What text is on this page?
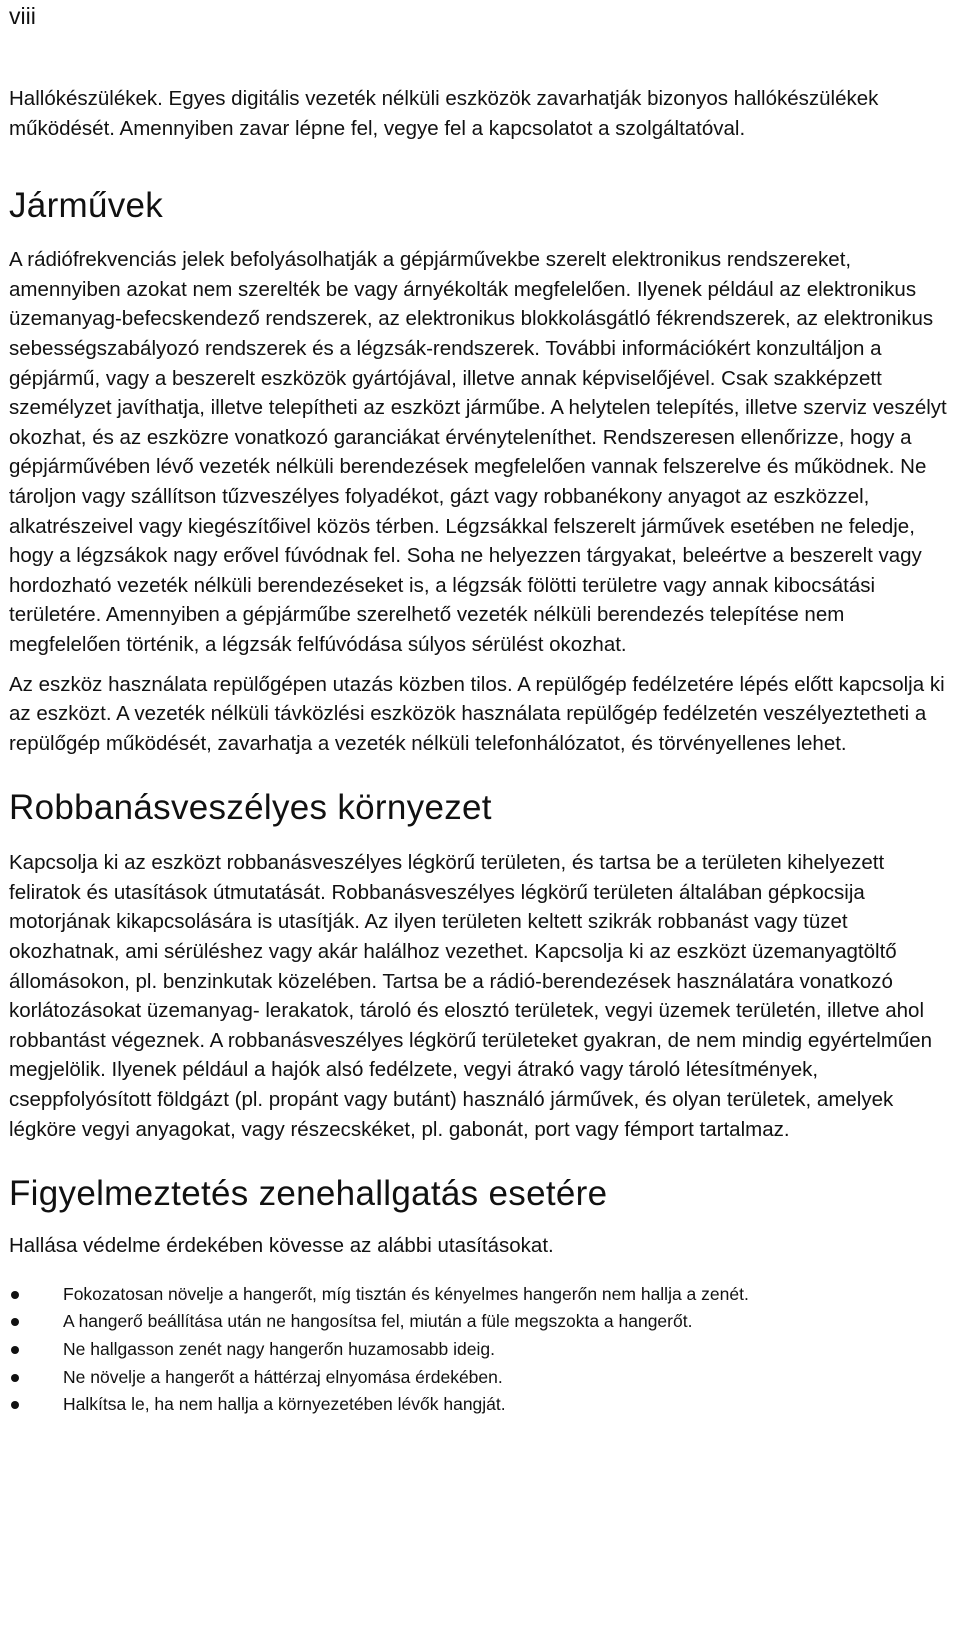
viii

Hallókészülékek. Egyes digitális vezeték nélküli eszközök zavarhatják bizonyos hallókészülékek működését. Amennyiben zavar lépne fel, vegye fel a kapcsolatot a szolgáltatóval.

Járművek

A rádiófrekvenciás jelek befolyásolhatják a gépjárművekbe szerelt elektronikus rendszereket, amennyiben azokat nem szerelték be vagy árnyékolták megfelelően. Ilyenek például az elektronikus üzemanyag-befecskendező rendszerek, az elektronikus blokkolásgátló fékrendszerek, az elektronikus sebességszabályozó rendszerek és a légzsák-rendszerek. További információkért konzultáljon a gépjármű, vagy a beszerelt eszközök gyártójával, illetve annak képviselőjével. Csak szakképzett személyzet javíthatja, illetve telepítheti az eszközt járműbe. A helytelen telepítés, illetve szerviz veszélyt okozhat, és az eszközre vonatkozó garanciákat érvényteleníthet. Rendszeresen ellenőrizze, hogy a gépjárművében lévő vezeték nélküli berendezések megfelelően vannak felszerelve és működnek. Ne tároljon vagy szállítson tűzveszélyes folyadékot, gázt vagy robbanékony anyagot az eszközzel, alkatrészeivel vagy kiegészítőivel közös térben. Légzsákkal felszerelt járművek esetében ne feledje, hogy a légzsákok nagy erővel fúvódnak fel. Soha ne helyezzen tárgyakat, beleértve a beszerelt vagy hordozható vezeték nélküli berendezéseket is, a légzsák fölötti területre vagy annak kibocsátási területére. Amennyiben a gépjárműbe szerelhető vezeték nélküli berendezés telepítése nem megfelelően történik, a légzsák felfúvódása súlyos sérülést okozhat.

Az eszköz használata repülőgépen utazás közben tilos. A repülőgép fedélzetére lépés előtt kapcsolja ki az eszközt. A vezeték nélküli távközlési eszközök használata repülőgép fedélzetén veszélyeztetheti a repülőgép működését, zavarhatja a vezeték nélküli telefonhálózatot, és törvényellenes lehet.

Robbanásveszélyes környezet

Kapcsolja ki az eszközt robbanásveszélyes légkörű területen, és tartsa be a területen kihelyezett feliratok és utasítások útmutatását. Robbanásveszélyes légkörű területen általában gépkocsija motorjának kikapcsolására is utasítják. Az ilyen területen keltett szikrák robbanást vagy tüzet okozhatnak, ami sérüléshez vagy akár halálhoz vezethet. Kapcsolja ki az eszközt üzemanyagtöltő állomásokon, pl. benzinkutak közelében. Tartsa be a rádió-berendezések használatára vonatkozó korlátozásokat üzemanyag- lerakatok, tároló és elosztó területek, vegyi üzemek területén, illetve ahol robbantást végeznek. A robbanásveszélyes légkörű területeket gyakran, de nem mindig egyértelműen megjelölik. Ilyenek például a hajók alsó fedélzete, vegyi átrakó vagy tároló létesítmények, cseppfolyósított földgázt (pl. propánt vagy butánt) használó járművek, és olyan területek, amelyek légköre vegyi anyagokat, vagy részecskéket, pl. gabonát, port vagy fémport tartalmaz.

Figyelmeztetés zenehallgatás esetére

Hallása védelme érdekében kövesse az alábbi utasításokat.

Fokozatosan növelje a hangerőt, míg tisztán és kényelmes hangerőn nem hallja a zenét.
A hangerő beállítása után ne hangosítsa fel, miután a füle megszokta a hangerőt.
Ne hallgasson zenét nagy hangerőn huzamosabb ideig.
Ne növelje a hangerőt a háttérzaj elnyomása érdekében.
Halkítsa le, ha nem hallja a környezetében lévők hangját.
